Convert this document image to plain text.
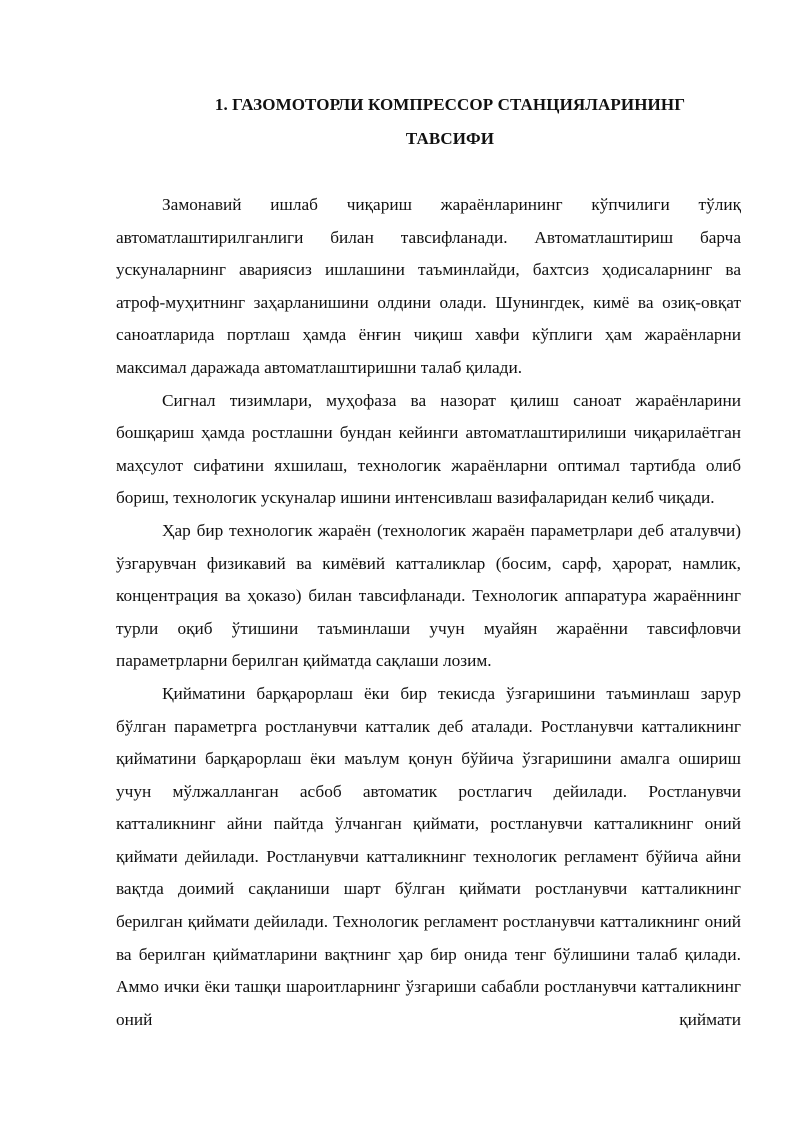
1. ГАЗОМОТОРЛИ КОМПРЕССОР СТАНЦИЯЛАРИНИНГ
ТАВСИФИ

Замонавий ишлаб чиқариш жараёнларининг кўпчилиги тўлиқ автоматлаштирилганлиги билан тавсифланади. Автоматлаштириш барча ускуналарнинг авариясиз ишлашини таъминлайди, бахтсиз ҳодисаларнинг ва атроф-муҳитнинг заҳарланишини олдини олади. Шунингдек, кимё ва озиқ-овқат саноатларида портлаш ҳамда ёнғин чиқиш хавфи кўплиги ҳам жараёнларни максимал даражада автоматлаштиришни талаб қилади.

Сигнал тизимлари, муҳофаза ва назорат қилиш саноат жараёнларини бошқариш ҳамда ростлашни бундан кейинги автоматлаштирилиши чиқарилаётган маҳсулот сифатини яхшилаш, технологик жараёнларни оптимал тартибда олиб бориш, технологик ускуналар ишини интенсивлаш вазифаларидан келиб чиқади.

Ҳар бир технологик жараён (технологик жараён параметрлари деб аталувчи) ўзгарувчан физикавий ва кимёвий катталиклар (босим, сарф, ҳарорат, намлик, концентрация ва ҳоказо) билан тавсифланади. Технологик аппаратура жараённинг турли оқиб ўтишини таъминлаши учун муайян жараённи тавсифловчи параметрларни берилган қийматда сақлаши лозим.

Қийматини барқарорлаш ёки бир текисда ўзгаришини таъминлаш зарур бўлган параметрга ростланувчи катталик деб аталади. Ростланувчи катталикнинг қийматини барқарорлаш ёки маълум қонун бўйича ўзгаришини амалга ошириш учун мўлжалланган асбоб автоматик ростлагич дейилади. Ростланувчи катталикнинг айни пайтда ўлчанган қиймати, ростланувчи катталикнинг оний қиймати дейилади. Ростланувчи катталикнинг технологик регламент бўйича айни вақтда доимий сақланиши шарт бўлган қиймати ростланувчи катталикнинг берилган қиймати дейилади. Технологик регламент ростланувчи катталикнинг оний ва берилган қийматларини вақтнинг ҳар бир онида тенг бўлишини талаб қилади. Аммо ички ёки ташқи шароитларнинг ўзгариши сабабли ростланувчи катталикнинг оний қиймати
